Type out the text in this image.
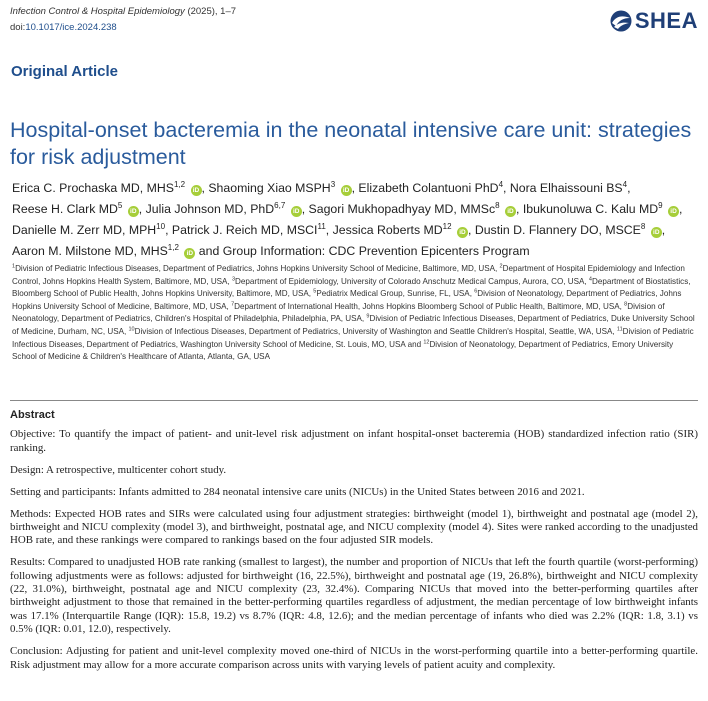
Infection Control & Hospital Epidemiology (2025), 1–7
doi:10.1017/ice.2024.238	SHEA
Original Article
Hospital-onset bacteremia in the neonatal intensive care unit: strategies for risk adjustment
Erica C. Prochaska MD, MHS$^{1,2}$ iD , Shaoming Xiao MSPH$^3$ iD , Elizabeth Colantuoni PhD$^4$, Nora Elhaissouni $BS^4$, Reese H. Clark $MD^5$ iD , Julia Johnson MD, PhD$^{6,7}$ iD , Sagori Mukhopadhyay MD, MMSc$^8$ iD , Ibukunoluwa C. Kalu $MD^9$ iD , Danielle M. Zerr MD, MPH$^{10}$, Patrick J. Reich MD, MSCI$^{11}$, Jessica Roberts MD$^{12}$ iD , Dustin D. Flannery DO, MSCE$^8$ iD , Aaron M. Milstone MD, MHS$^{1,2}$ iD and Group Information: CDC Prevention Epicenters Program
$^1$Division of Pediatric Infectious Diseases, Department of Pediatrics, Johns Hopkins University School of Medicine, Baltimore, MD, USA, $^2$Department of Hospital Epidemiology and Infection Control, Johns Hopkins Health System, Baltimore, MD, USA, $^3$Department of Epidemiology, University of Colorado Anschutz Medical Campus, Aurora, CO, USA, $^4$Department of Biostatistics, Bloomberg School of Public Health, Johns Hopkins University, Baltimore, MD, USA, $^5$Pediatrix Medical Group, Sunrise, FL, USA, $^6$Division of Neonatology, Department of Pediatrics, Johns Hopkins University School of Medicine, Baltimore, MD, USA, $^7$Department of International Health, Johns Hopkins Bloomberg School of Public Health, Baltimore, MD, USA, $^8$Division of Neonatology, Department of Pediatrics, Children's Hospital of Philadelphia, Philadelphia, PA, USA, $^9$Division of Pediatric Infectious Diseases, Department of Pediatrics, Duke University School of Medicine, Durham, NC, USA, $^{10}$Division of Infectious Diseases, Department of Pediatrics, University of Washington and Seattle Children's Hospital, Seattle, WA, USA, $^{11}$Division of Pediatric Infectious Diseases, Department of Pediatrics, Washington University School of Medicine, St. Louis, MO, USA and $^{12}$Division of Neonatology, Department of Pediatrics, Emory University School of Medicine & Children's Healthcare of Atlanta, Atlanta, GA, USA
Abstract

Objective: To quantify the impact of patient- and unit-level risk adjustment on infant hospital-onset bacteremia (HOB) standardized infection ratio (SIR) ranking.

Design: A retrospective, multicenter cohort study.

Setting and participants: Infants admitted to 284 neonatal intensive care units (NICUs) in the United States between 2016 and 2021.

Methods: Expected HOB rates and SIRs were calculated using four adjustment strategies: birthweight (model 1), birthweight and postnatal age (model 2), birthweight and NICU complexity (model 3), and birthweight, postnatal age, and NICU complexity (model 4). Sites were ranked according to the unadjusted HOB rate, and these rankings were compared to rankings based on the four adjusted SIR models.

Results: Compared to unadjusted HOB rate ranking (smallest to largest), the number and proportion of NICUs that left the fourth quartile (worst-performing) following adjustments were as follows: adjusted for birthweight (16, 22.5%), birthweight and postnatal age (19, 26.8%), birthweight and NICU complexity (22, 31.0%), birthweight, postnatal age and NICU complexity (23, 32.4%). Comparing NICUs that moved into the better-performing quartiles after birthweight adjustment to those that remained in the better-performing quartiles regardless of adjustment, the median percentage of low birthweight infants was 17.1% (Interquartile Range (IQR): 15.8, 19.2) vs 8.7% (IQR: 4.8, 12.6); and the median percentage of infants who died was 2.2% (IQR: 1.8, 3.1) vs 0.5% (IQR: 0.01, 12.0), respectively.

Conclusion: Adjusting for patient and unit-level complexity moved one-third of NICUs in the worst-performing quartile into a better-performing quartile. Risk adjustment may allow for a more accurate comparison across units with varying levels of patient acuity and complexity.
